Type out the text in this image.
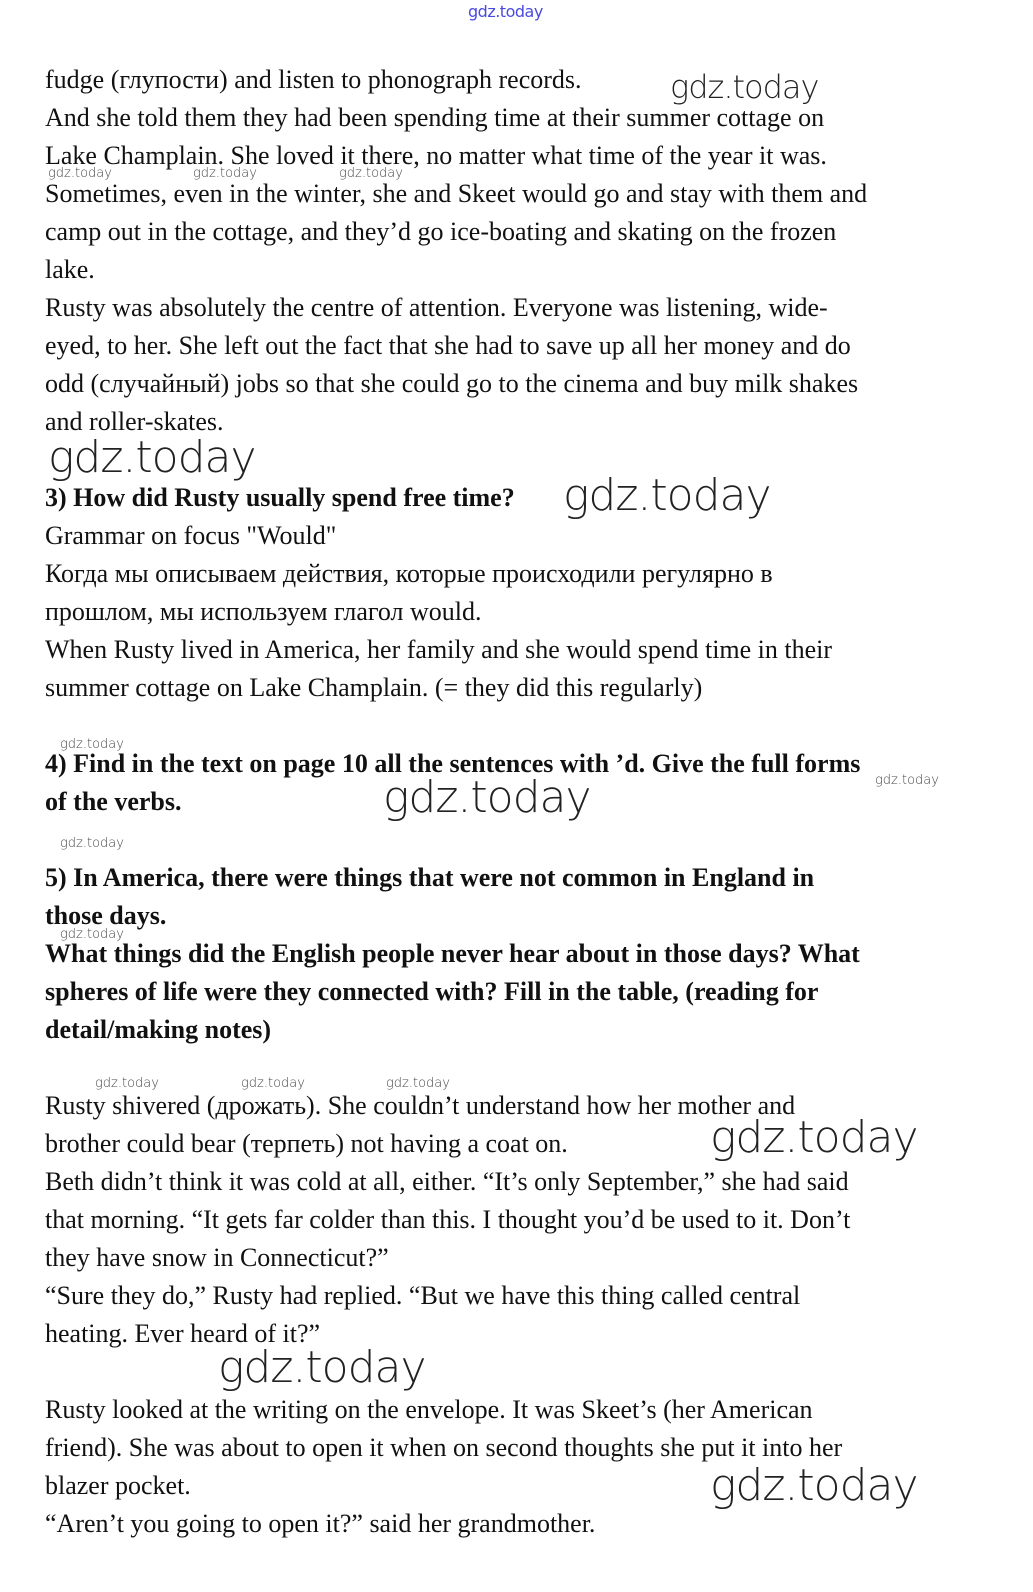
gdz.today
fudge (глупости) and listen to phonograph records.
And she told them they had been spending time at their summer cottage on
Lake Champlain. She loved it there, no matter what time of the year it was.
Sometimes, even in the winter, she and Skeet would go and stay with them and
camp out in the cottage, and they’d go ice-boating and skating on the frozen
lake.
Rusty was absolutely the centre of attention. Everyone was listening, wide-
eyed, to her. She left out the fact that she had to save up all her money and do
odd (случайный) jobs so that she could go to the cinema and buy milk shakes
and roller-skates.
3) How did Rusty usually spend free time?
Grammar on focus "Would"
Когда мы описываем действия, которые происходили регулярно в
прошлом, мы используем глагол would.
When Rusty lived in America, her family and she would spend time in their
summer cottage on Lake Champlain. (= they did this regularly)
4) Find in the text on page 10 all the sentences with ’d. Give the full forms
of the verbs.
5) In America, there were things that were not common in England in
those days.
What things did the English people never hear about in those days? What
spheres of life were they connected with? Fill in the table, (reading for
detail/making notes)
Rusty shivered (дрожать). She couldn’t understand how her mother and
brother could bear (терпеть) not having a coat on.
Beth didn’t think it was cold at all, either. “It’s only September,” she had said
that morning. “It gets far colder than this. I thought you’d be used to it. Don’t
they have snow in Connecticut?”
“Sure they do,” Rusty had replied. “But we have this thing called central
heating. Ever heard of it?”
Rusty looked at the writing on the envelope. It was Skeet’s (her American
friend). She was about to open it when on second thoughts she put it into her
blazer pocket.
“Aren’t you going to open it?” said her grandmother.
gdz.today
gdz.today
gdz.today
gdz.today
gdz.today
gdz.today
gdz.today
gdz.today	gdz.today	gdz.today
gdz.today
gdz.today
gdz.today
gdz.today
gdz.today	gdz.today	gdz.today
